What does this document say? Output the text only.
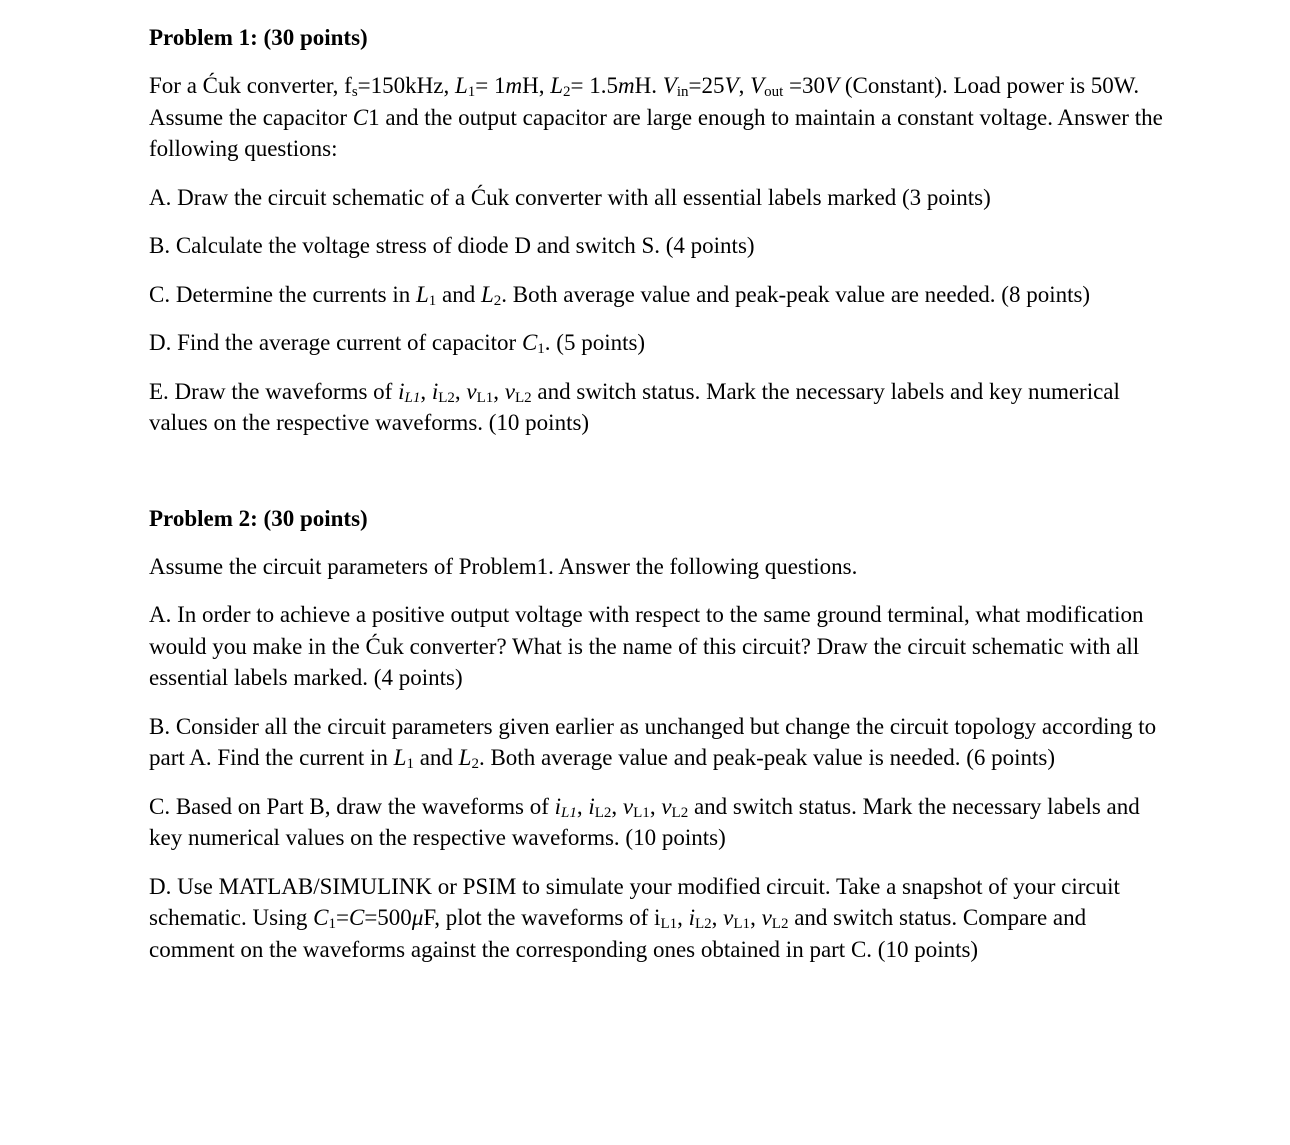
Problem 1: (30 points)

For a Ćuk converter, $f_s=150kHz$, $L_1= 1mH$, $L_2= 1.5mH$. $V_{in}=25V$, $V_{out} =30V$ (Constant). Load power is 50W. Assume the capacitor C1 and the output capacitor are large enough to maintain a constant voltage. Answer the following questions:

A. Draw the circuit schematic of a Ćuk converter with all essential labels marked (3 points)

B. Calculate the voltage stress of diode D and switch S. (4 points)

C. Determine the currents in $L_1$ and $L_2$. Both average value and peak-peak value are needed. (8 points)

D. Find the average current of capacitor $C_1$. (5 points)

E. Draw the waveforms of $i_{L1}$, $i_{L2}$, $v_{L1}$, $v_{L2}$ and switch status. Mark the necessary labels and key numerical values on the respective waveforms. (10 points)

Problem 2: (30 points)

Assume the circuit parameters of Problem1. Answer the following questions.

A. In order to achieve a positive output voltage with respect to the same ground terminal, what modification would you make in the Ćuk converter? What is the name of this circuit? Draw the circuit schematic with all essential labels marked. (4 points)

B. Consider all the circuit parameters given earlier as unchanged but change the circuit topology according to part A. Find the current in $L_1$ and $L_2$. Both average value and peak-peak value is needed. (6 points)

C. Based on Part B, draw the waveforms of $i_{L1}$, $i_{L2}$, $v_{L1}$, $v_{L2}$ and switch status. Mark the necessary labels and key numerical values on the respective waveforms. (10 points)

D. Use MATLAB/SIMULINK or PSIM to simulate your modified circuit. Take a snapshot of your circuit schematic. Using $C_1=C=500\mu F$, plot the waveforms of $i_{L1}$, $i_{L2}$, $v_{L1}$, $v_{L2}$ and switch status. Compare and comment on the waveforms against the corresponding ones obtained in part C. (10 points)
